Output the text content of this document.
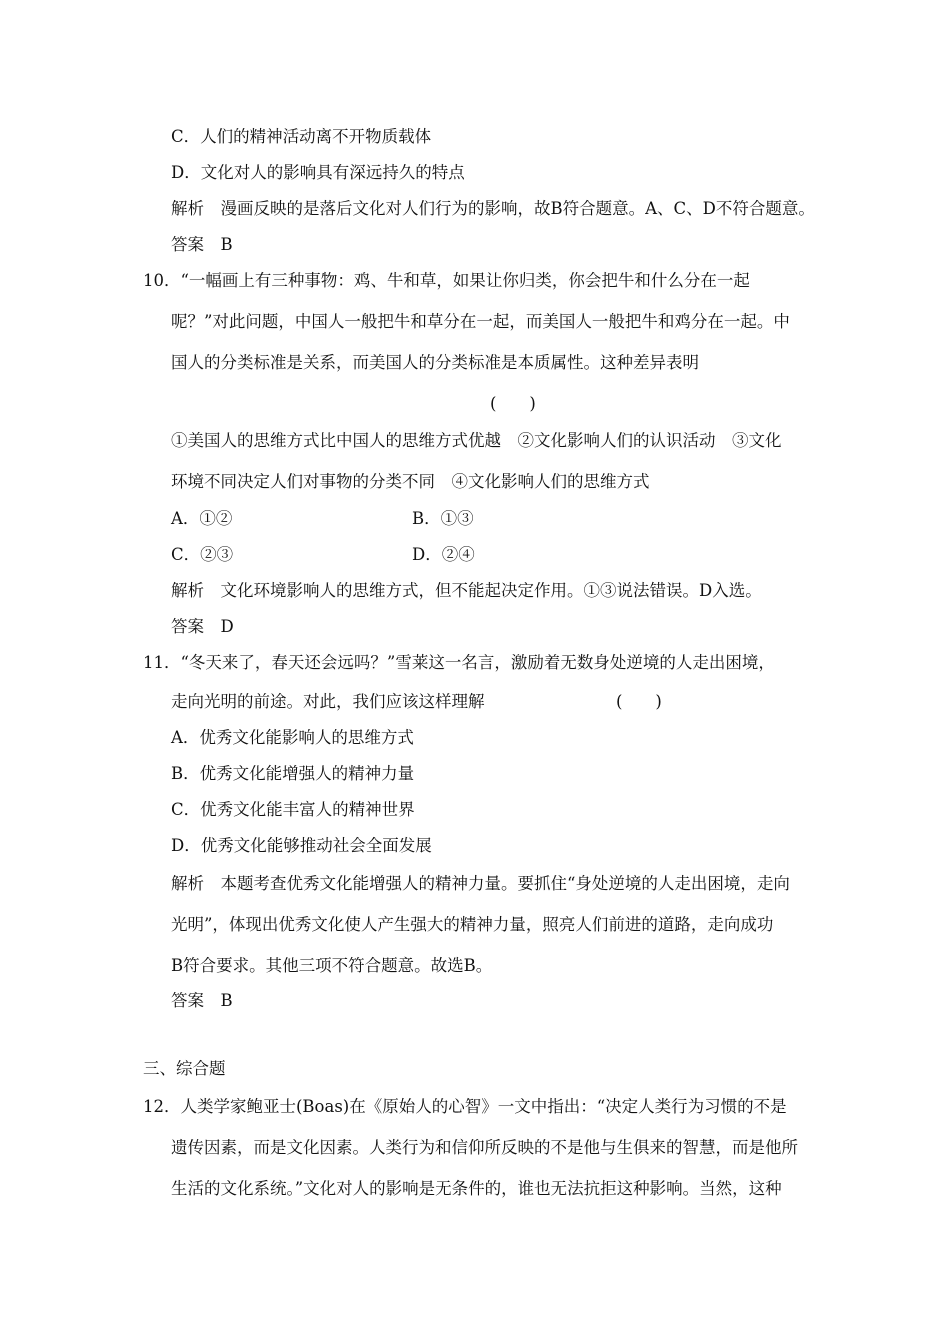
C．人们的精神活动离不开物质载体
D．文化对人的影响具有深远持久的特点
解析　漫画反映的是落后文化对人们行为的影响，故B符合题意。A、C、D不符合题意。
答案　B
10．“一幅画上有三种事物：鸡、牛和草，如果让你归类，你会把牛和什么分在一起
呢？”对此问题，中国人一般把牛和草分在一起，而美国人一般把牛和鸡分在一起。中
国人的分类标准是关系，而美国人的分类标准是本质属性。这种差异表明
(　　)
①美国人的思维方式比中国人的思维方式优越　②文化影响人们的认识活动　③文化
环境不同决定人们对事物的分类不同　④文化影响人们的思维方式
A．①②	B．①③
C．②③	D．②④
解析　文化环境影响人的思维方式，但不能起决定作用。①③说法错误。D入选。
答案　D
11．“冬天来了，春天还会远吗？”雪莱这一名言，激励着无数身处逆境的人走出困境，
走向光明的前途。对此，我们应该这样理解	(　　)
A．优秀文化能影响人的思维方式
B．优秀文化能增强人的精神力量
C．优秀文化能丰富人的精神世界
D．优秀文化能够推动社会全面发展
解析　本题考查优秀文化能增强人的精神力量。要抓住“身处逆境的人走出困境，走向
光明”，体现出优秀文化使人产生强大的精神力量，照亮人们前进的道路，走向成功
B符合要求。其他三项不符合题意。故选B。
答案　B
三、综合题
12．人类学家鲍亚士(Boas)在《原始人的心智》一文中指出：“决定人类行为习惯的不是
遗传因素，而是文化因素。人类行为和信仰所反映的不是他与生俱来的智慧，而是他所
生活的文化系统。”文化对人的影响是无条件的，谁也无法抗拒这种影响。当然，这种
